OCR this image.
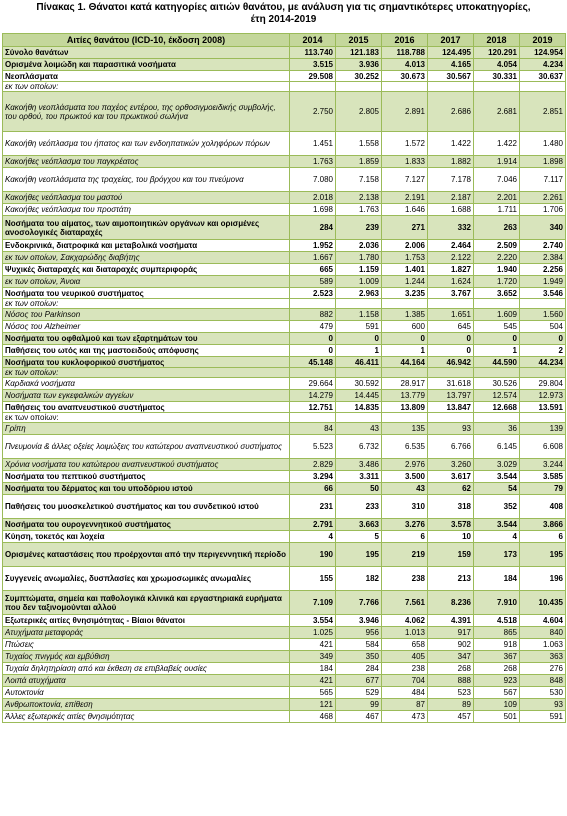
Πίνακας 1. Θάνατοι κατά κατηγορίες αιτιών θανάτου, με ανάλυση για τις σημαντικότερες υποκατηγορίες,
έτη 2014-2019
Αιτίες θανάτου (ICD-10, έκδοση 2008)	2014	2015	2016	2017	2018	2019
Σύνολο θανάτων	113.740	121.183	118.788	124.495	120.291	124.954
Ορισμένα λοιμώδη και παρασιτικά νοσήματα	3.515	3.936	4.013	4.165	4.054	4.234
Νεοπλάσματα	29.508	30.252	30.673	30.567	30.331	30.637
εκ των οποίων:						
Κακοήθη νεοπλάσματα του παχέος εντέρου, της ορθοσιγμοειδικής συμβολής, του ορθού, του πρωκτού και του πρωκτικού σωλήνα	2.750	2.805	2.891	2.686	2.681	2.851
Κακοήθη νεόπλασμα του ήπατος και των ενδοηπατικών χοληφόρων πόρων	1.451	1.558	1.572	1.422	1.422	1.480
Κακοήθες νεόπλασμα του παγκρέατος	1.763	1.859	1.833	1.882	1.914	1.898
Κακοήθη νεοπλάσματα της τραχείας, του βρόγχου και του πνεύμονα	7.080	7.158	7.127	7.178	7.046	7.117
Κακοήθες νεόπλασμα του μαστού	2.018	2.138	2.191	2.187	2.201	2.261
Κακοήθες νεόπλασμα του προστάτη	1.698	1.763	1.646	1.688	1.711	1.706
Νοσήματα του αίματος, των αιμοποιητικών οργάνων και ορισμένες ανοσολογικές διαταραχές	284	239	271	332	263	340
Ενδοκρινικά, διατροφικά και μεταβολικά νοσήματα	1.952	2.036	2.006	2.464	2.509	2.740
εκ των οποίων, Σακχαρώδης διαβήτης	1.667	1.780	1.753	2.122	2.220	2.384
Ψυχικές διαταραχές και διαταραχές συμπεριφοράς	665	1.159	1.401	1.827	1.940	2.256
εκ των οποίων, Άνοια	589	1.009	1.244	1.624	1.720	1.949
Νοσήματα του νευρικού συστήματος	2.523	2.963	3.235	3.767	3.652	3.546
εκ των οποίων:						
Νόσος του Parkinson	882	1.158	1.385	1.651	1.609	1.560
Νόσος του Alzheimer	479	591	600	645	545	504
Νοσήματα του οφθαλμού και των εξαρτημάτων του	0	0	0	0	0	0
Παθήσεις του ωτός και της μαστοειδούς απόφυσης	0	1	1	0	1	2
Νοσήματα του κυκλοφορικού συστήματος	45.148	46.411	44.164	46.942	44.590	44.234
εκ των οποίων:						
Καρδιακά νοσήματα	29.664	30.592	28.917	31.618	30.526	29.804
Νοσήματα των εγκεφαλικών αγγείων	14.279	14.445	13.779	13.797	12.574	12.973
Παθήσεις του αναπνευστικού συστήματος	12.751	14.835	13.809	13.847	12.668	13.591
εκ των οποίων:						
Γρίπη	84	43	135	93	36	139
Πνευμονία & άλλες οξείες λοιμώξεις του κατώτερου αναπνευστικού συστήματος	5.523	6.732	6.535	6.766	6.145	6.608
Χρόνια νοσήματα του κατώτερου αναπνευστικού συστήματος	2.829	3.486	2.976	3.260	3.029	3.244
Νοσήματα του πεπτικού συστήματος	3.294	3.311	3.500	3.617	3.544	3.585
Νοσήματα του δέρματος και του υποδόριου ιστού	66	50	43	62	54	79
Παθήσεις του μυοσκελετικού συστήματος και του συνδετικού ιστού	231	233	310	318	352	408
Νοσήματα του ουρογεννητικού συστήματος	2.791	3.663	3.276	3.578	3.544	3.866
Κύηση, τοκετός και λοχεία	4	5	6	10	4	6
Ορισμένες καταστάσεις που προέρχονται από την περιγεννητική περίοδο	190	195	219	159	173	195
Συγγενείς ανωμαλίες, δυσπλασίες και χρωμοσωμικές ανωμαλίες	155	182	238	213	184	196
Συμπτώματα, σημεία και παθολογικά κλινικά και εργαστηριακά ευρήματα που δεν ταξινομούνται αλλού	7.109	7.766	7.561	8.236	7.910	10.435
Εξωτερικές αιτίες θνησιμότητας - Βίαιοι θάνατοι	3.554	3.946	4.062	4.391	4.518	4.604
Ατυχήματα μεταφοράς	1.025	956	1.013	917	865	840
Πτώσεις	421	584	658	902	918	1.063
Τυχαίος πνιγμός και εμβύθιση	349	350	405	347	367	363
Τυχαία δηλητηρίαση από και έκθεση σε επιβλαβείς ουσίες	184	284	238	268	268	276
Λοιπά ατυχήματα	421	677	704	888	923	848
Αυτοκτονία	565	529	484	523	567	530
Ανθρωποκτονία, επίθεση	121	99	87	89	109	93
Άλλες εξωτερικές αιτίες θνησιμότητας	468	467	473	457	501	591
